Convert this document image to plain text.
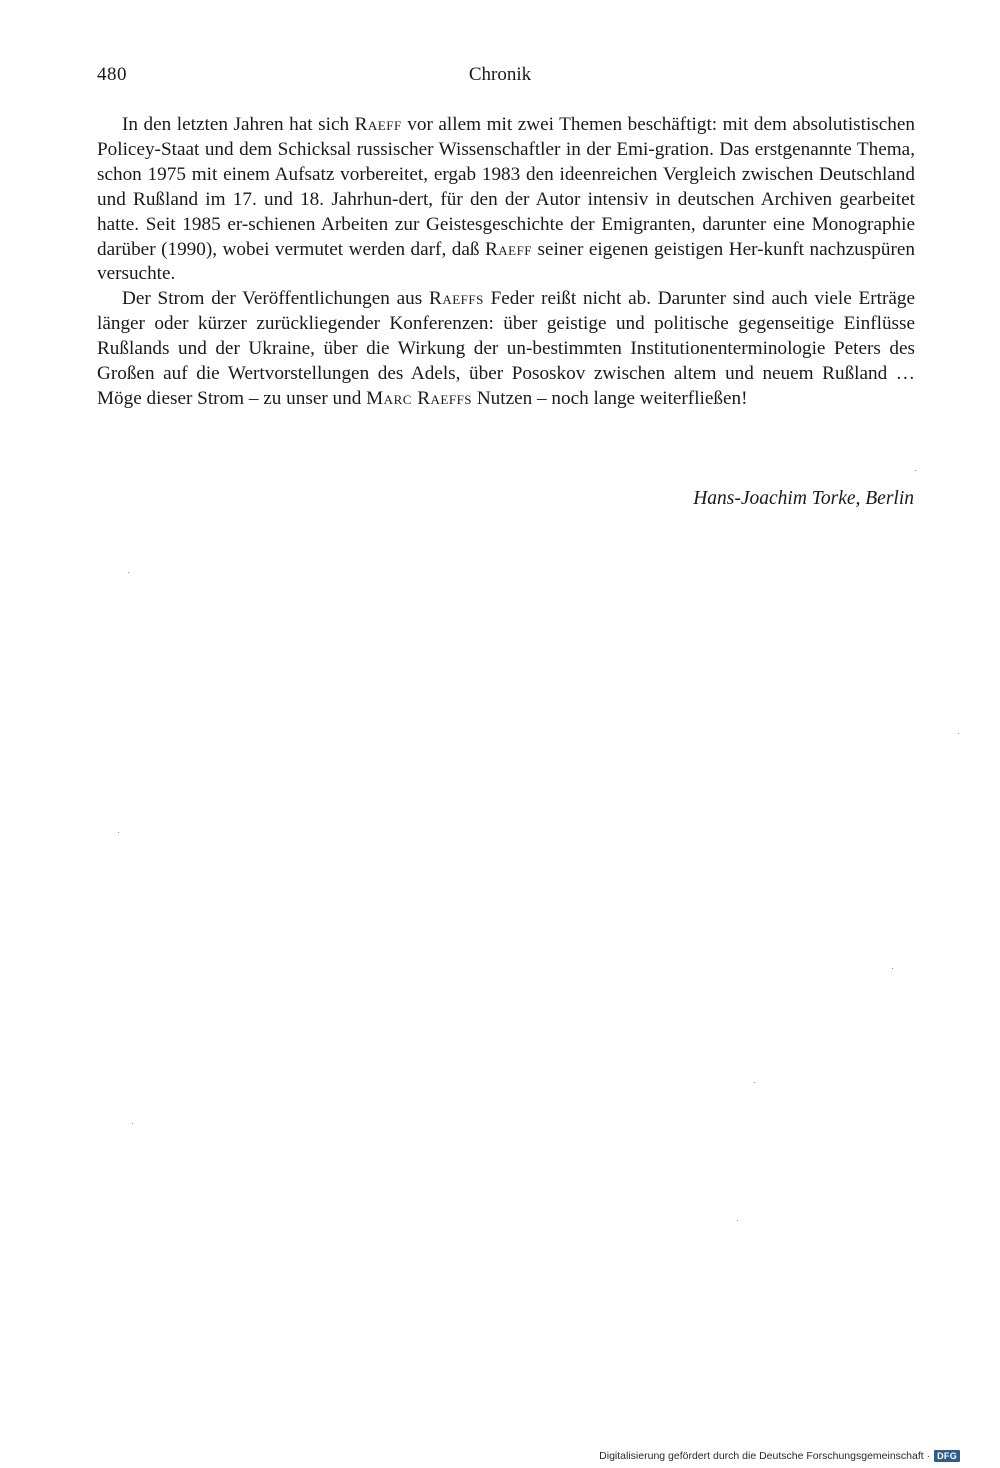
480	Chronik

In den letzten Jahren hat sich Raeff vor allem mit zwei Themen beschäftigt: mit dem absolutistischen Policey-Staat und dem Schicksal russischer Wissenschaftler in der Emi-gration. Das erstgenannte Thema, schon 1975 mit einem Aufsatz vorbereitet, ergab 1983 den ideenreichen Vergleich zwischen Deutschland und Rußland im 17. und 18. Jahrhun-dert, für den der Autor intensiv in deutschen Archiven gearbeitet hatte. Seit 1985 er-schienen Arbeiten zur Geistesgeschichte der Emigranten, darunter eine Monographie darüber (1990), wobei vermutet werden darf, daß Raeff seiner eigenen geistigen Her-kunft nachzuspüren versuchte.

Der Strom der Veröffentlichungen aus Raeffs Feder reißt nicht ab. Darunter sind auch viele Erträge länger oder kürzer zurückliegender Konferenzen: über geistige und politische gegenseitige Einflüsse Rußlands und der Ukraine, über die Wirkung der un-bestimmten Institutionenterminologie Peters des Großen auf die Wertvorstellungen des Adels, über Pososkov zwischen altem und neuem Rußland … Möge dieser Strom – zu unser und Marc Raeffs Nutzen – noch lange weiterfließen!

Hans-Joachim Torke, Berlin
Digitalisierung gefördert durch die Deutsche Forschungsgemeinschaft · DFG
